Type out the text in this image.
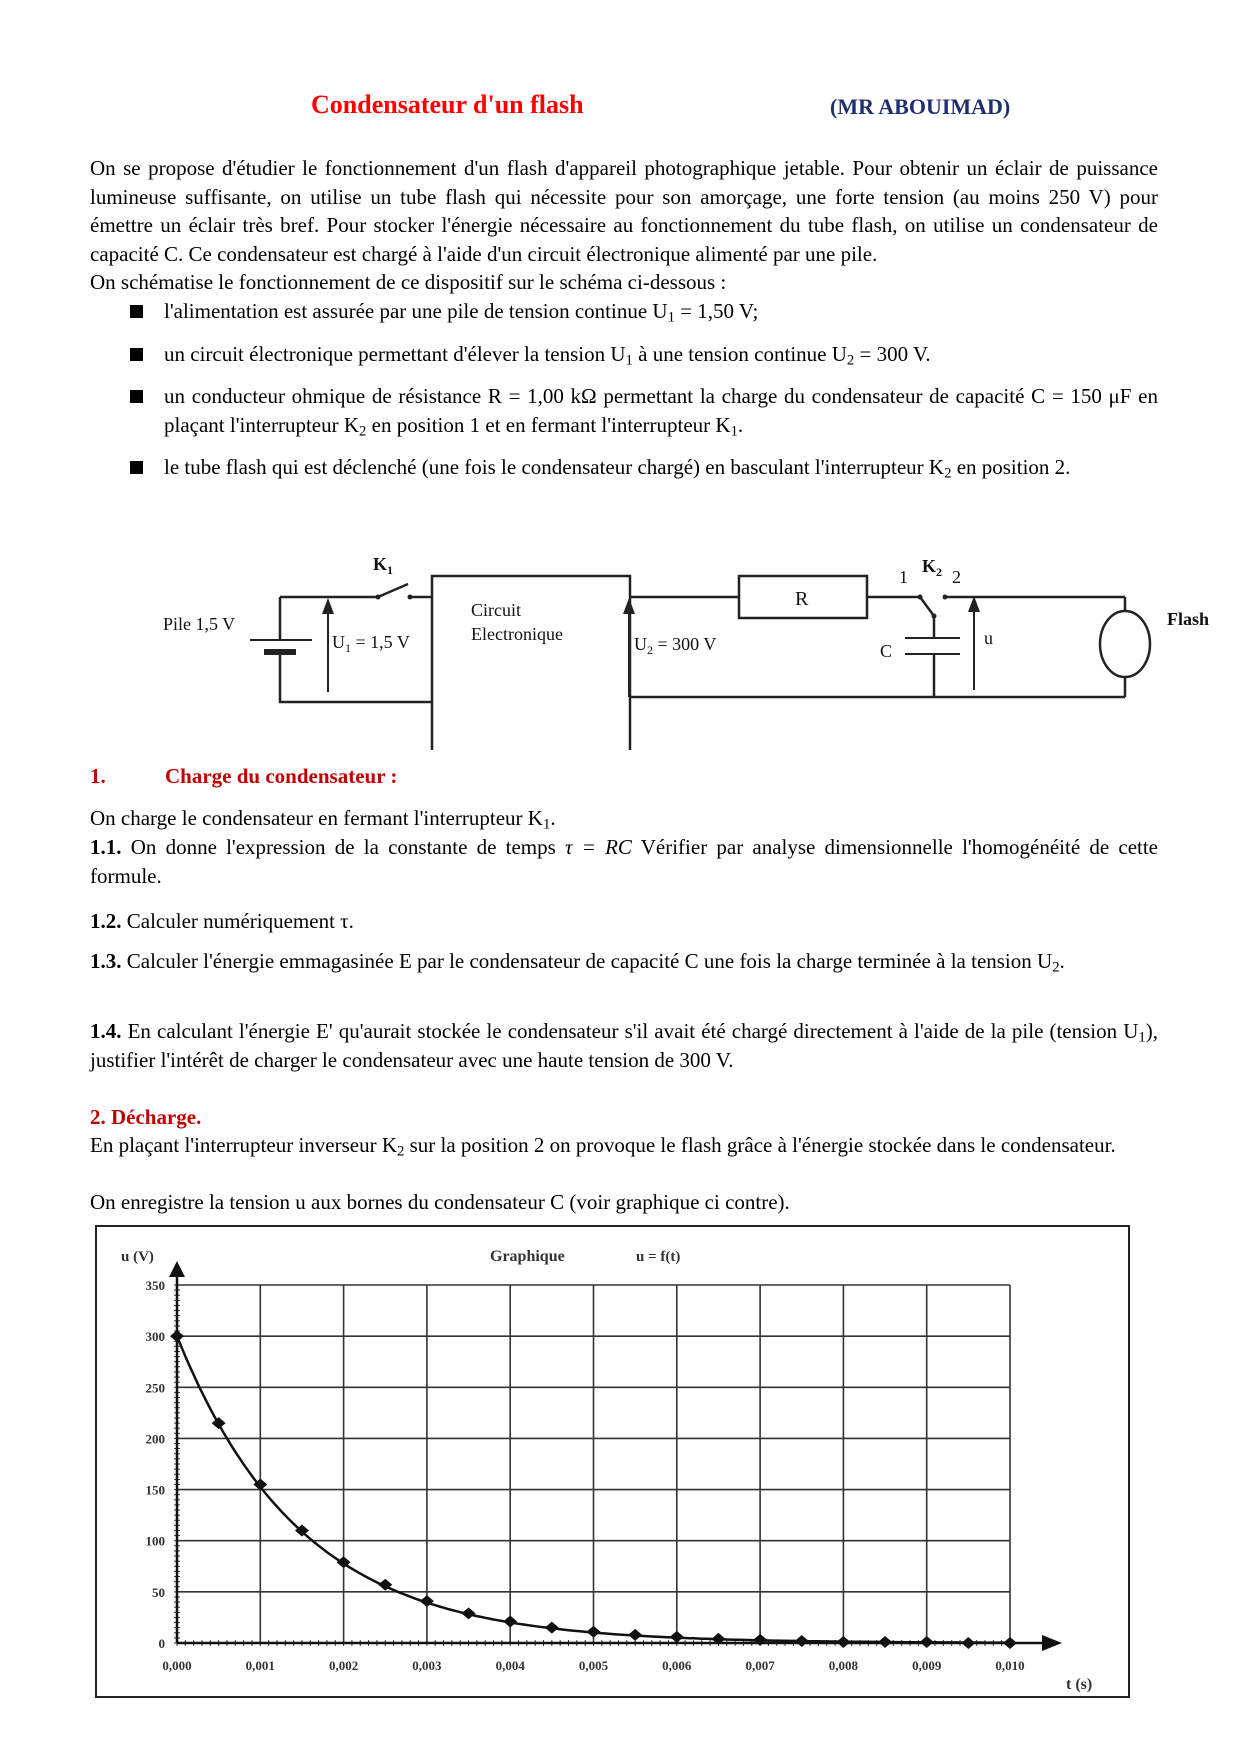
Condensateur d'un flash	(MR ABOUIMAD)

On se propose d'étudier le fonctionnement d'un flash d'appareil photographique jetable. Pour obtenir un éclair de puissance lumineuse suffisante, on utilise un tube flash qui nécessite pour son amorçage, une forte tension (au moins 250 V) pour émettre un éclair très bref. Pour stocker l'énergie nécessaire au fonctionnement du tube flash, on utilise un condensateur de capacité C. Ce condensateur est chargé à l'aide d'un circuit électronique alimenté par une pile.

On schématise le fonctionnement de ce dispositif sur le schéma ci-dessous :

l'alimentation est assurée par une pile de tension continue $U_1 = 1,50$ V;
un circuit électronique permettant d'élever la tension $U_1$ à une tension continue $U_2 = 300$ V.
un conducteur ohmique de résistance R = 1,00 kΩ permettant la charge du condensateur de capacité C = 150 μF en plaçant l'interrupteur $K_2$ en position 1 et en fermant l'interrupteur $K_1$.
le tube flash qui est déclenché (une fois le condensateur chargé) en basculant l'interrupteur $K_2$ en position 2.
Pile 1,5 V
$K_1$
$U_1 = 1,5$ V
Circuit
Electronique	$U_2 = 300$ V
R
$K_2$
1 2
C
u
Flash
1.	Charge du condensateur :
On charge le condensateur en fermant l'interrupteur $K_1$.
1.1. On donne l'expression de la constante de temps τ = RC Vérifier par analyse dimensionnelle l'homogénéité de cette formule.
1.2. Calculer numériquement τ.
1.3. Calculer l'énergie emmagasinée E par le condensateur de capacité C une fois la charge terminée à la tension $U_2$.
1.4. En calculant l'énergie E' qu'aurait stockée le condensateur s'il avait été chargé directement à l'aide de la pile (tension $U_1$), justifier l'intérêt de charger le condensateur avec une haute tension de 300 V.
2. Décharge.
En plaçant l'interrupteur inverseur $K_2$ sur la position 2 on provoque le flash grâce à l'énergie stockée dans le condensateur.
On enregistre la tension u aux bornes du condensateur C (voir graphique ci contre).
0,000	0,001	0,002	0,003	0,004	0,005	0,006	0,007	0,008	0,009	0,010
0
50
100
150
200
250
300
350
u (V)	Graphique	u = f(t)
t (s)
